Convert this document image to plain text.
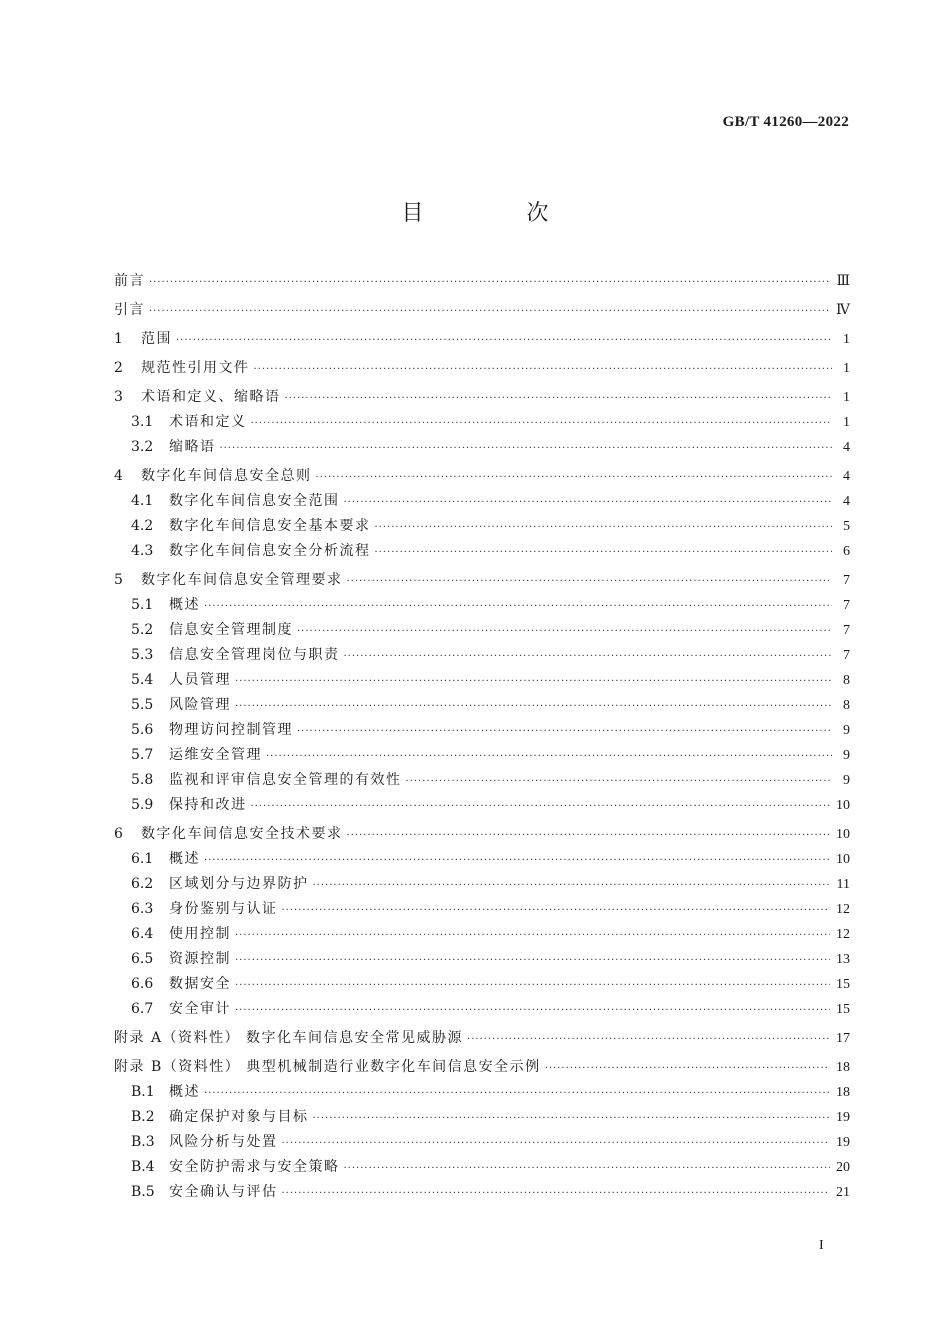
GB/T 41260—2022
目 次
前言 ·····	Ⅲ
引言 ·····	Ⅳ
1	范围 ·····	1
2	规范性引用文件 ·····	1
3	术语和定义、缩略语 ·····	1
3.1	术语和定义 ·····	1
3.2	缩略语 ·····	4
4	数字化车间信息安全总则 ·····	4
4.1	数字化车间信息安全范围 ·····	4
4.2	数字化车间信息安全基本要求 ·····	5
4.3	数字化车间信息安全分析流程 ·····	6
5	数字化车间信息安全管理要求 ·····	7
5.1	概述 ·····	7
5.2	信息安全管理制度 ·····	7
5.3	信息安全管理岗位与职责 ·····	7
5.4	人员管理 ·····	8
5.5	风险管理 ·····	8
5.6	物理访问控制管理 ·····	9
5.7	运维安全管理 ·····	9
5.8	监视和评审信息安全管理的有效性 ·····	9
5.9	保持和改进 ·····	10
6	数字化车间信息安全技术要求 ·····	10
6.1	概述 ·····	10
6.2	区域划分与边界防护 ·····	11
6.3	身份鉴别与认证 ·····	12
6.4	使用控制 ·····	12
6.5	资源控制 ·····	13
6.6	数据安全 ·····	15
6.7	安全审计 ·····	15
附录 A（资料性） 数字化车间信息安全常见威胁源 ·····	17
附录 B（资料性） 典型机械制造行业数字化车间信息安全示例 ·····	18
B.1	概述 ·····	18
B.2	确定保护对象与目标 ·····	19
B.3	风险分析与处置 ·····	19
B.4	安全防护需求与安全策略 ·····	20
B.5	安全确认与评估 ·····	21
I
